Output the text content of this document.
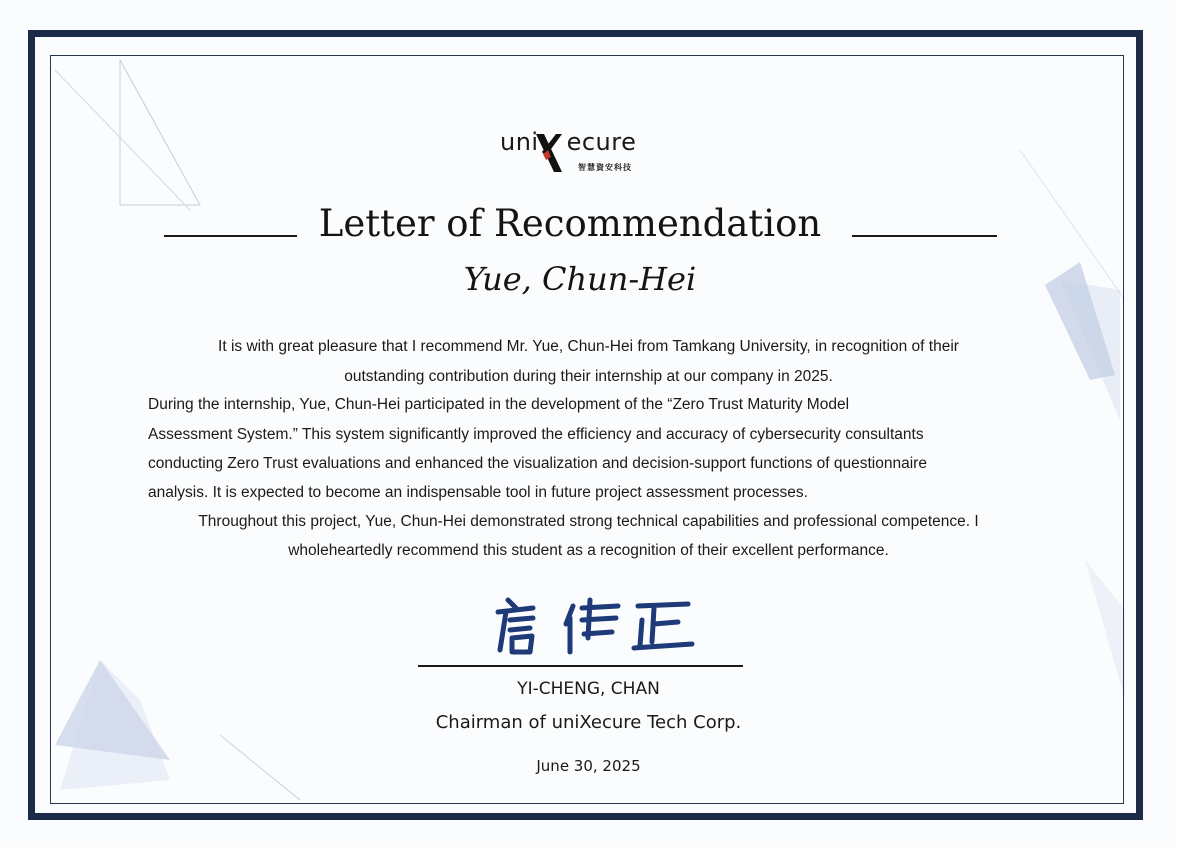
uni ecure
智慧資安科技
Letter of Recommendation
Yue, Chun-Hei
It is with great pleasure that I recommend Mr. Yue, Chun-Hei from Tamkang University, in recognition of their
outstanding contribution during their internship at our company in 2025.
During the internship, Yue, Chun-Hei participated in the development of the “Zero Trust Maturity Model
Assessment System.” This system significantly improved the efficiency and accuracy of cybersecurity consultants
conducting Zero Trust evaluations and enhanced the visualization and decision-support functions of questionnaire
analysis. It is expected to become an indispensable tool in future project assessment processes.
Throughout this project, Yue, Chun-Hei demonstrated strong technical capabilities and professional competence. I
wholeheartedly recommend this student as a recognition of their excellent performance.
YI-CHENG, CHAN
Chairman of uniXecure Tech Corp.
June 30, 2025
